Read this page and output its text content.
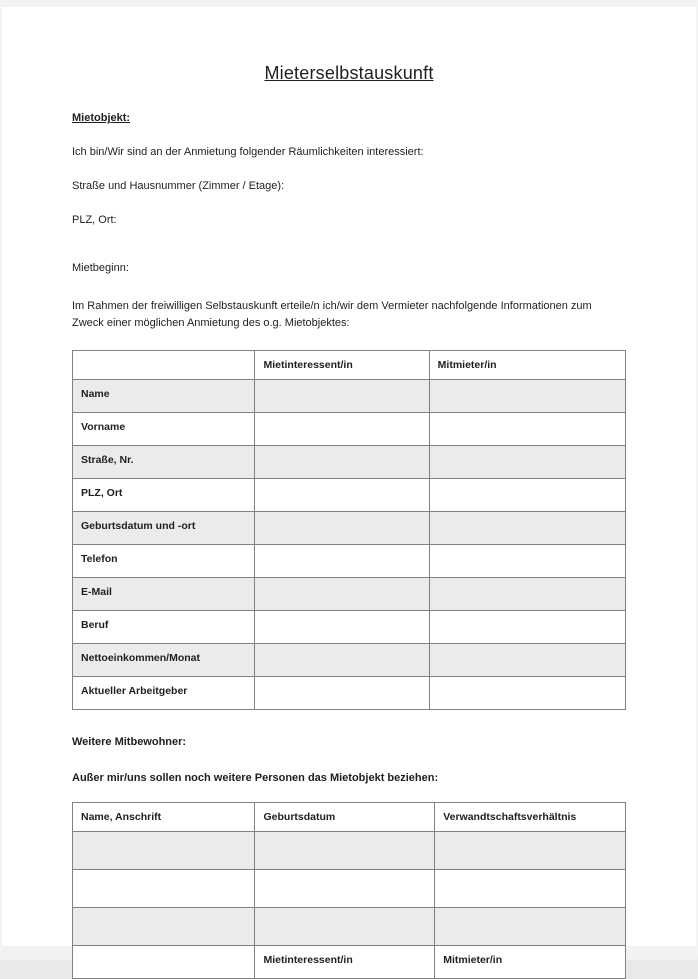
Mieterselbstauskunft

Mietobjekt:

Ich bin/Wir sind an der Anmietung folgender Räumlichkeiten interessiert:

Straße und Hausnummer (Zimmer / Etage):

PLZ, Ort:

Mietbeginn:

Im Rahmen der freiwilligen Selbstauskunft erteile/n ich/wir dem Vermieter nachfolgende Informationen zum Zweck einer möglichen Anmietung des o.g. Mietobjektes:

	Mietinteressent/in	Mitmieter/in
Name		
Vorname		
Straße, Nr.		
PLZ, Ort		
Geburtsdatum und -ort		
Telefon		
E-Mail		
Beruf		
Nettoeinkommen/Monat		
Aktueller Arbeitgeber		

Weitere Mitbewohner:

Außer mir/uns sollen noch weitere Personen das Mietobjekt beziehen:

Name, Anschrift	Geburtsdatum	Verwandtschaftsverhältnis

	Mietinteressent/in	Mitmieter/in
